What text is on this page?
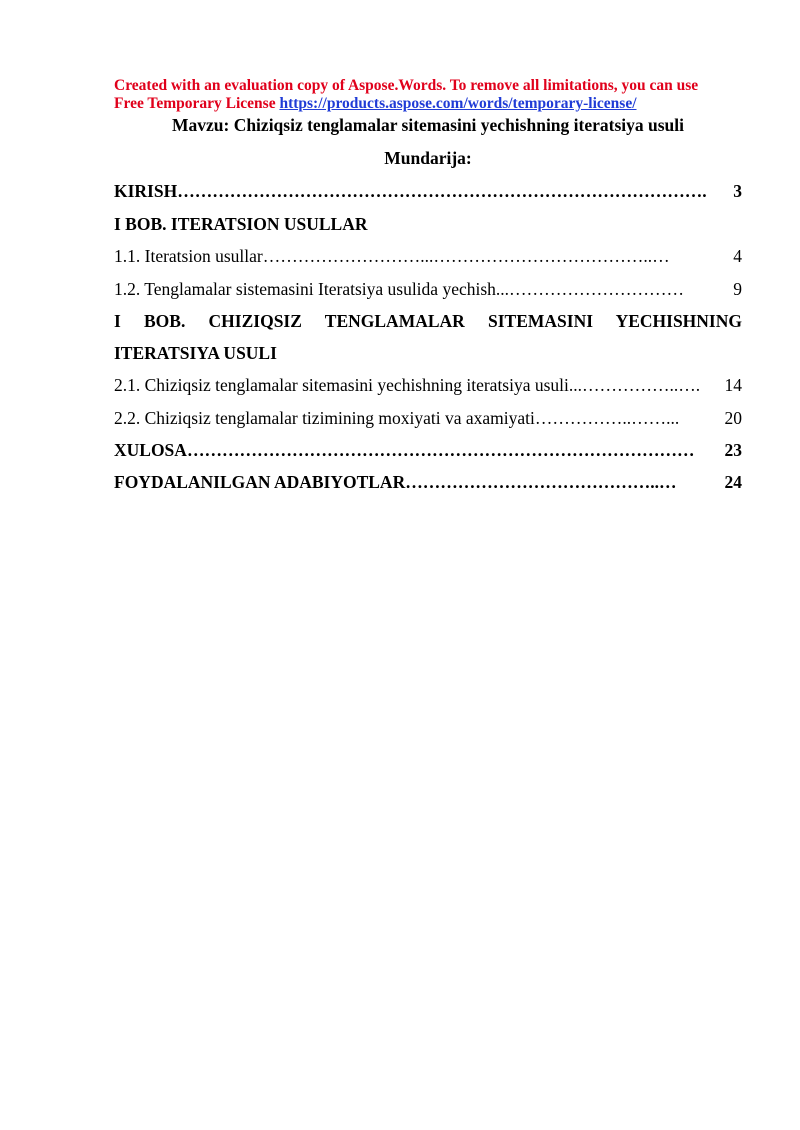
Created with an evaluation copy of Aspose.Words. To remove all limitations, you can use
Free Temporary License https://products.aspose.com/words/temporary-license/
Mavzu: Chiziqsiz tenglamalar sitemasini yechishning iteratsiya usuli
Mundarija:
KIRISH ……………………………………………………………………………….	3
I BOB. ITERATSION USULLAR
1.1. Iteratsion usullar ………………………...………………………………..…	4
1.2. Tenglamalar sistemasini Iteratsiya usulida yechish ...…………………………	9
I BOB. CHIZIQSIZ TENGLAMALAR SITEMASINI YECHISHNING
ITERATSIYA USULI
2.1. Chiziqsiz tenglamalar sitemasini yechishning iteratsiya usuli ...……………..….	14
2.2. Chiziqsiz tenglamalar tizimining moxiyati va axamiyati ……………..……...	20
XULOSA ……………………………………………………………………………	23
FOYDALANILGAN ADABIYOTLAR ……………………………………..…	24
